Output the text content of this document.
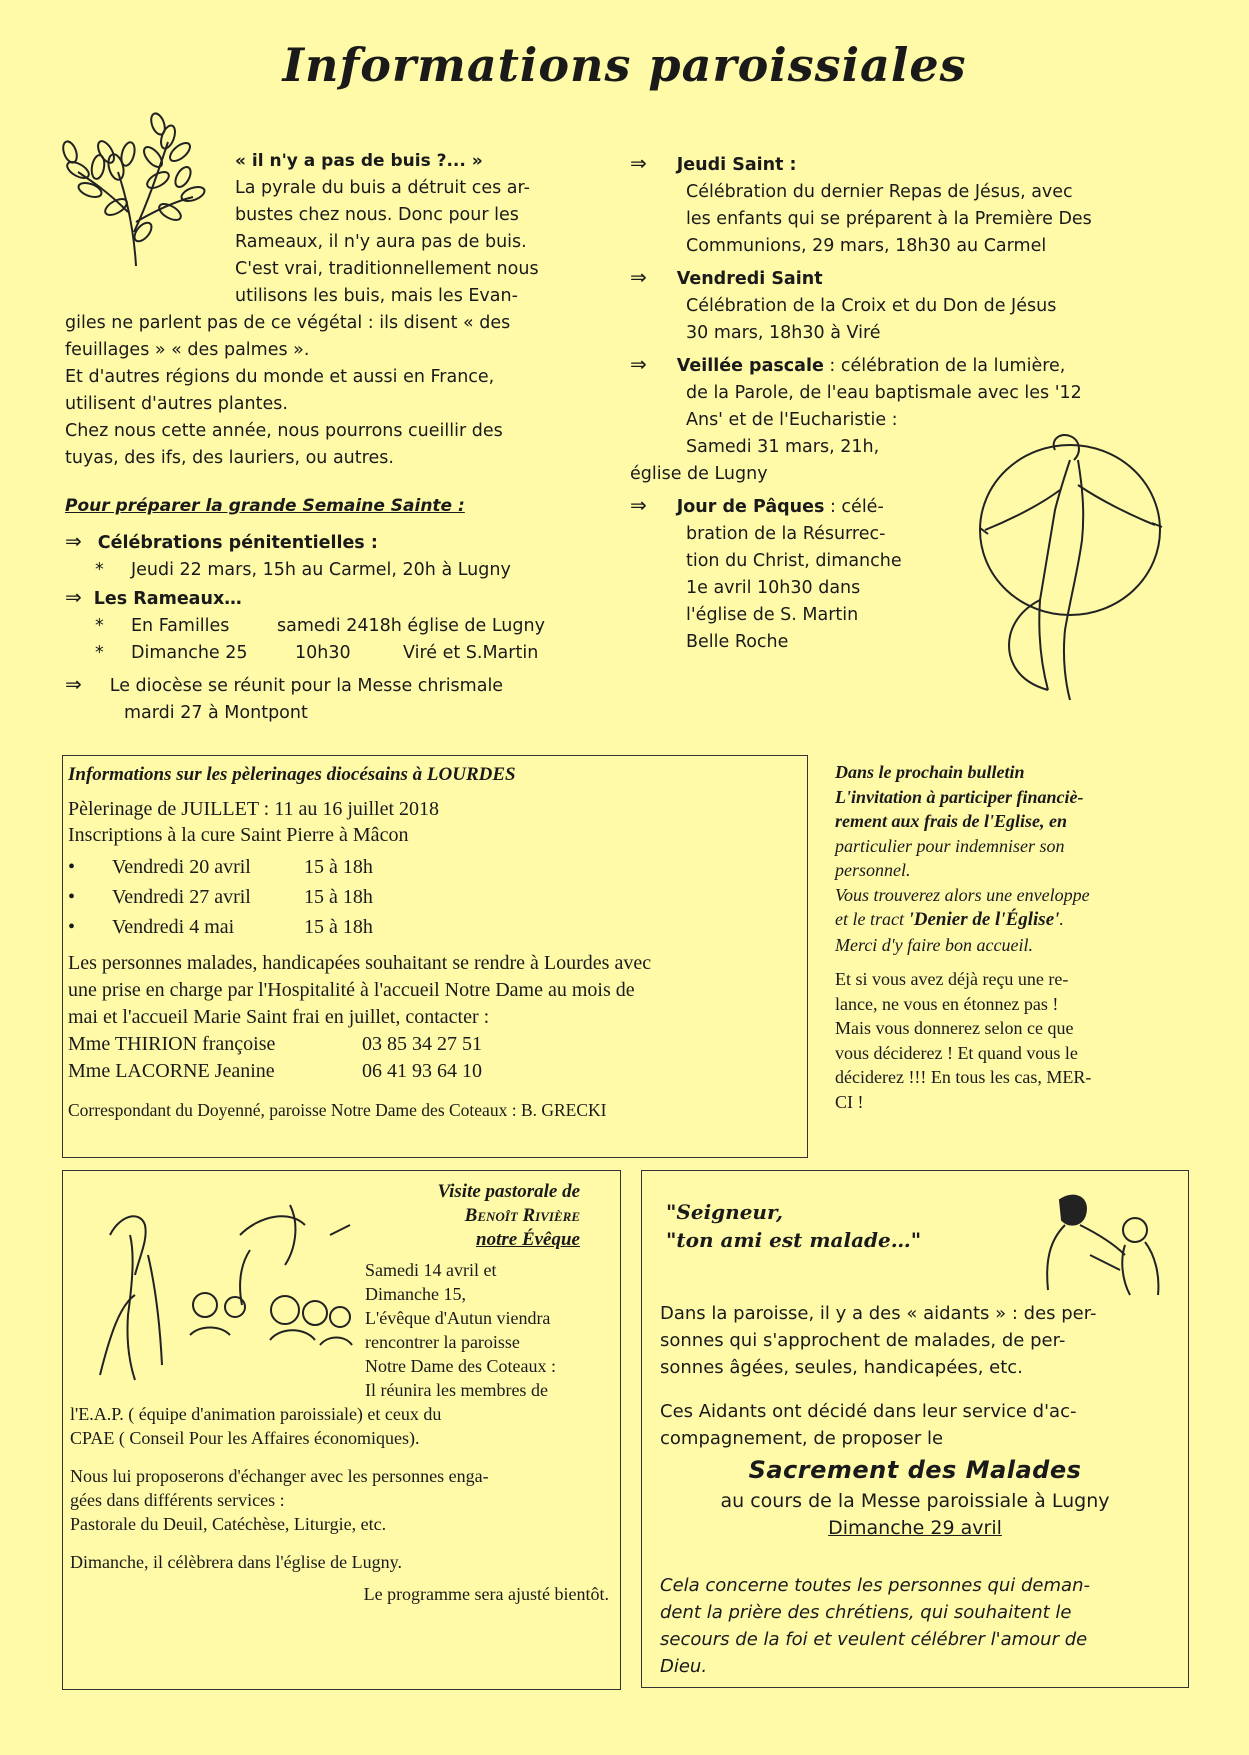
Informations paroissiales
« il n'y a pas de buis ?... »
La pyrale du buis a détruit ces ar-
bustes chez nous. Donc pour les
Rameaux, il n'y aura pas de buis.
C'est vrai, traditionnellement nous
utilisons les buis, mais les Evan-
giles ne parlent pas de ce végétal : ils disent « des
feuillages » « des palmes ».
Et d'autres régions du monde et aussi en France,
utilisent d'autres plantes.
Chez nous cette année, nous pourrons cueillir des
tuyas, des ifs, des lauriers, ou autres.
Pour préparer la grande Semaine Sainte :
⇒ Célébrations pénitentielles :
* Jeudi 22 mars, 15h au Carmel, 20h à Lugny
⇒ Les Rameaux…
* En Familles	samedi 2418h église de Lugny
* Dimanche 25	10h30	Viré et S.Martin
⇒ Le diocèse se réunit pour la Messe chrismale
mardi 27 à Montpont
⇒ Jeudi Saint :
Célébration du dernier Repas de Jésus, avec
les enfants qui se préparent à la Première Des
Communions, 29 mars, 18h30 au Carmel
⇒ Vendredi Saint
Célébration de la Croix et du Don de Jésus
30 mars, 18h30 à Viré
⇒ Veillée pascale : célébration de la lumière,
de la Parole, de l'eau baptismale avec les '12
Ans' et de l'Eucharistie :
Samedi 31 mars, 21h,
église de Lugny
⇒ Jour de Pâques : célé-
bration de la Résurrec-
tion du Christ, dimanche
1e avril 10h30 dans
l'église de S. Martin
Belle Roche
Informations sur les pèlerinages diocésains à LOURDES
Pèlerinage de JUILLET : 11 au 16 juillet 2018
Inscriptions à la cure Saint Pierre à Mâcon
• Vendredi 20 avril	15 à 18h
• Vendredi 27 avril	15 à 18h
• Vendredi 4 mai	15 à 18h
Les personnes malades, handicapées souhaitant se rendre à Lourdes avec
une prise en charge par l'Hospitalité à l'accueil Notre Dame au mois de
mai et l'accueil Marie Saint frai en juillet, contacter :
Mme THIRION françoise	03 85 34 27 51
Mme LACORNE Jeanine	06 41 93 64 10
Correspondant du Doyenné, paroisse Notre Dame des Coteaux : B. GRECKI
Dans le prochain bulletin
L'invitation à participer financiè-
rement aux frais de l'Eglise, en
particulier pour indemniser son
personnel.
Vous trouverez alors une enveloppe
et le tract 'Denier de l'Église'.
Merci d'y faire bon accueil.
Et si vous avez déjà reçu une re-
lance, ne vous en étonnez pas !
Mais vous donnerez selon ce que
vous déciderez ! Et quand vous le
déciderez !!! En tous les cas, MER-
CI !
Visite pastorale de
Benoît Rivière
notre Évêque
Samedi 14 avril et
Dimanche 15,
L'évêque d'Autun viendra
rencontrer la paroisse
Notre Dame des Coteaux :
Il réunira les membres de
l'E.A.P. ( équipe d'animation paroissiale) et ceux du
CPAE ( Conseil Pour les Affaires économiques).
Nous lui proposerons d'échanger avec les personnes enga-
gées dans différents services :
Pastorale du Deuil, Catéchèse, Liturgie, etc.
Dimanche, il célèbrera dans l'église de Lugny.
Le programme sera ajusté bientôt.
"Seigneur,
"ton ami est malade…"
Dans la paroisse, il y a des « aidants » : des per-
sonnes qui s'approchent de malades, de per-
sonnes âgées, seules, handicapées, etc.
Ces Aidants ont décidé dans leur service d'ac-
compagnement, de proposer le
Sacrement des Malades
au cours de la Messe paroissiale à Lugny
Dimanche 29 avril
Cela concerne toutes les personnes qui deman-
dent la prière des chrétiens, qui souhaitent le
secours de la foi et veulent célébrer l'amour de
Dieu.
